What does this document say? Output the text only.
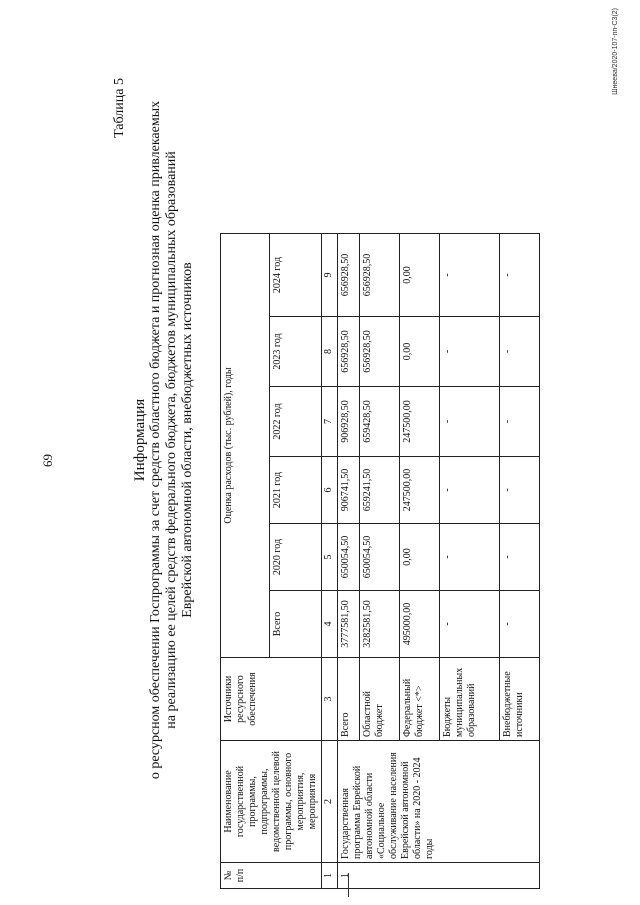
69
Таблица 5
Информация о ресурсном обеспечении Госпрограммы за счет средств областного бюджета и прогнозная оценка привлекаемых на реализацию ее целей средств федерального бюджета, бюджетов муниципальных образований Еврейской автономной области, внебюджетных источников
№ п/п	Наименование государственной программы, подпрограммы, ведомственной целевой программы, основного мероприятия, мероприятия	Источники ресурсного обеспечения	Оценка расходов (тыс. рублей), годы					
			Всего	2020 год	2021 год	2022 год	2023 год	2024 год
1	2	3	4	5	6	7	8	9
1	Государственная программа Еврейской автономной области «Социальное обслуживание населения Еврейской автономной области» на 2020 - 2024 годы	Всего	3777581,50	650054,50	906741,50	906928,50	656928,50	656928,50
		Областной бюджет	3282581,50	650054,50	659241,50	659428,50	656928,50	656928,50
		Федеральный бюджет <*>	495000,00	0,00	247500,00	247500,00	0,00	0,00
		Бюджеты муниципальных образований	-	-	-	-	-	-
		Внебюджетные источники	-	-	-	-	-	-
Шнеева/2020-107-пп-C3(2)
